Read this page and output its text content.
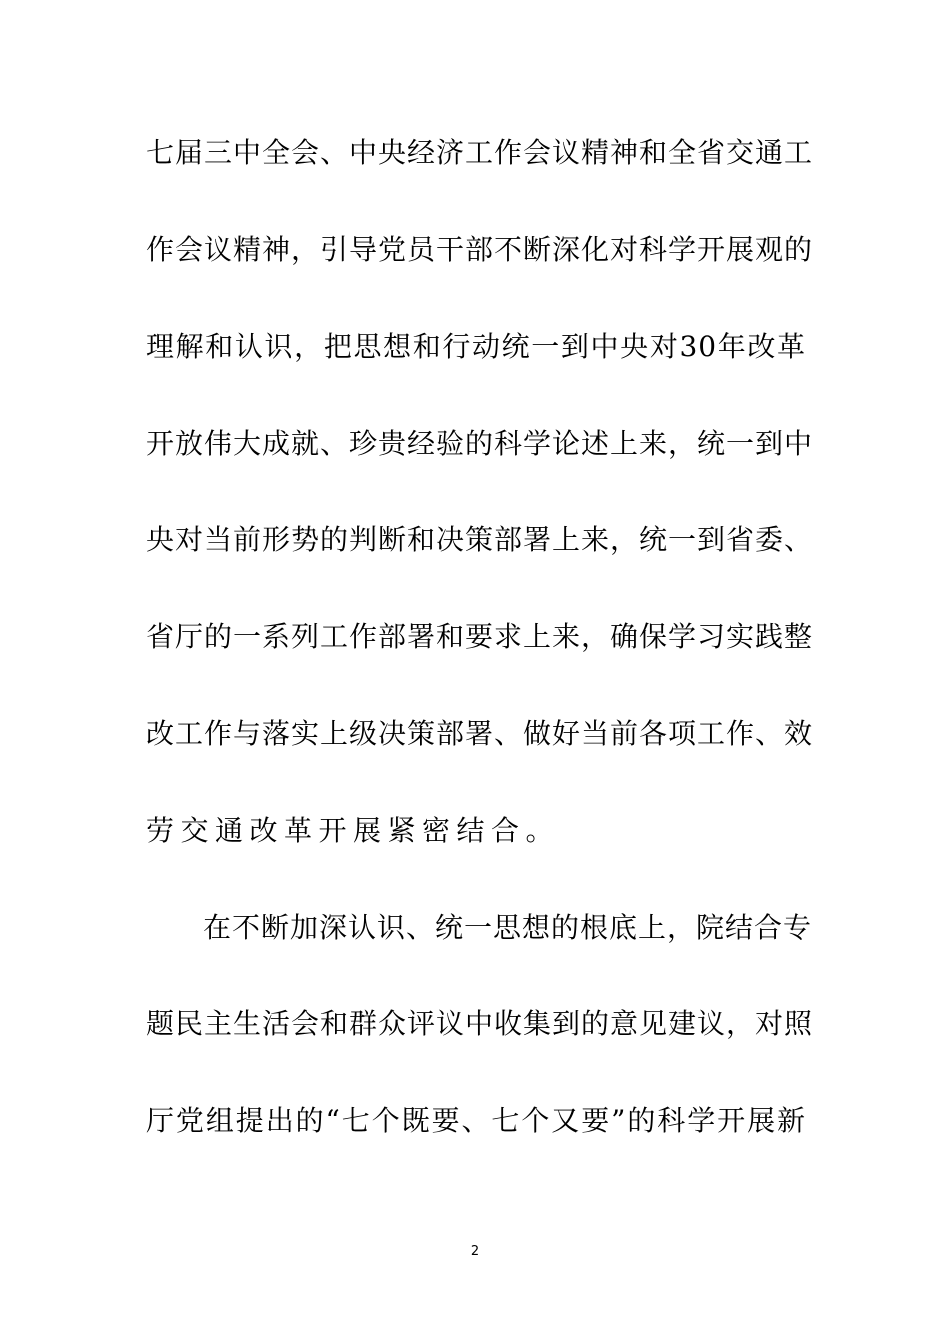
七届三中全会、中央经济工作会议精神和全省交通工
作会议精神，引导党员干部不断深化对科学开展观的
理解和认识，把思想和行动统一到中央对30年改革
开放伟大成就、珍贵经验的科学论述上来，统一到中
央对当前形势的判断和决策部署上来，统一到省委、
省厅的一系列工作部署和要求上来，确保学习实践整
改工作与落实上级决策部署、做好当前各项工作、效
劳交通改革开展紧密结合。
在不断加深认识、统一思想的根底上，院结合专
题民主生活会和群众评议中收集到的意见建议，对照
厅党组提出的“七个既要、七个又要”的科学开展新
2
